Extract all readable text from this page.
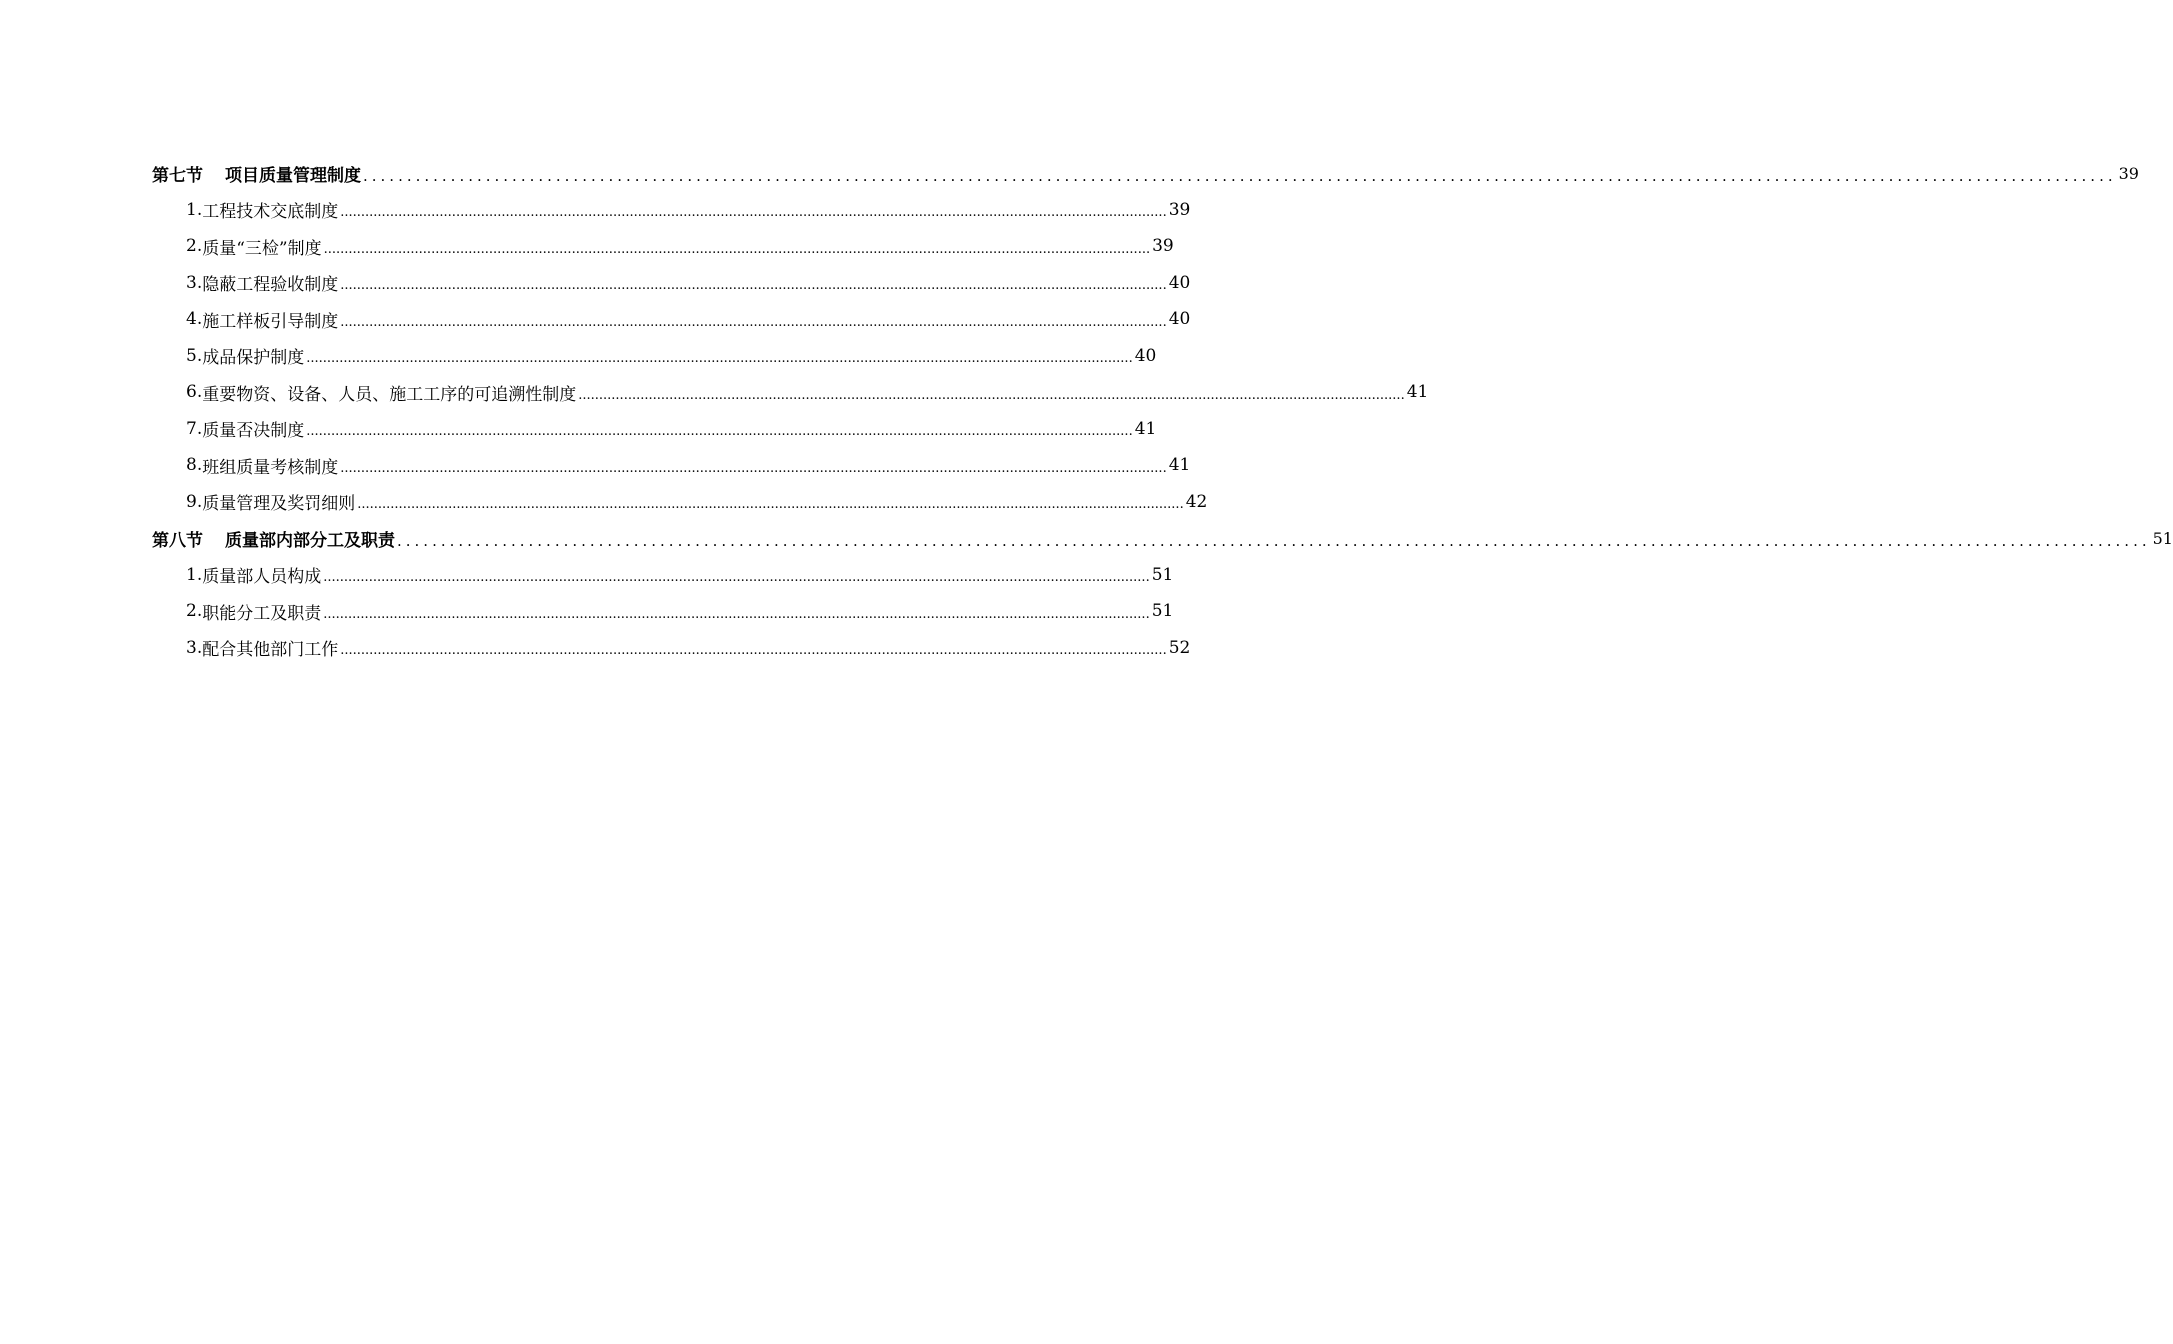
第七节 项目质量管理制度 ........................................................................................................................................................................................................ 39
1. 工程技术交底制度 ........................................................................................................................................................................................................ 39
2. 质量“三检”制度 ........................................................................................................................................................................................................ 39
3. 隐蔽工程验收制度 ........................................................................................................................................................................................................ 40
4. 施工样板引导制度 ........................................................................................................................................................................................................ 40
5. 成品保护制度 ........................................................................................................................................................................................................ 40
6. 重要物资、设备、人员、施工工序的可追溯性制度 ........................................................................................................................................................................................................ 41
7. 质量否决制度 ........................................................................................................................................................................................................ 41
8. 班组质量考核制度 ........................................................................................................................................................................................................ 41
9. 质量管理及奖罚细则 ........................................................................................................................................................................................................ 42
第八节 质量部内部分工及职责 ........................................................................................................................................................................................................ 51
1. 质量部人员构成 ........................................................................................................................................................................................................ 51
2. 职能分工及职责 ........................................................................................................................................................................................................ 51
3. 配合其他部门工作 ........................................................................................................................................................................................................ 52
